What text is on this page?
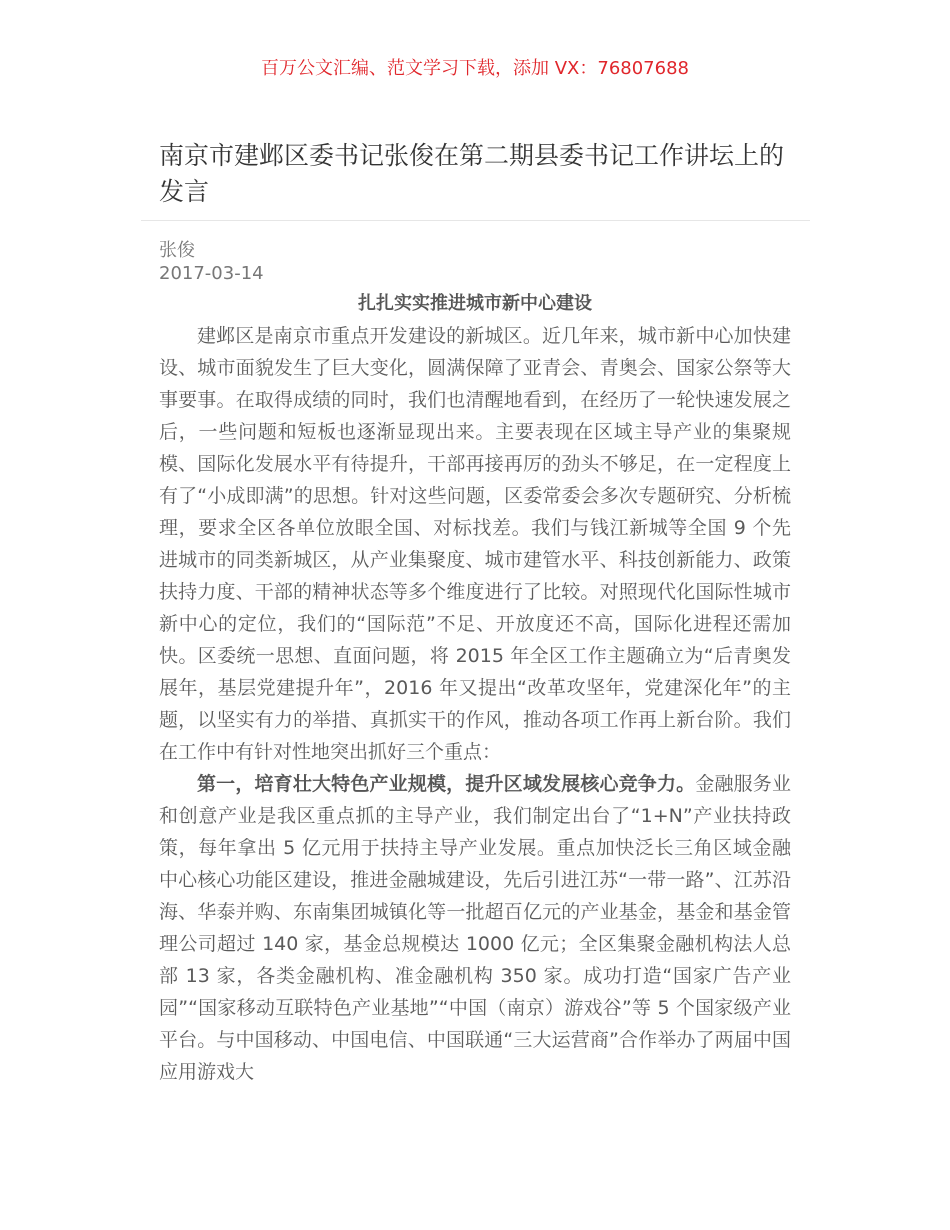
百万公文汇编、范文学习下载，添加 VX：76807688
南京市建邺区委书记张俊在第二期县委书记工作讲坛上的发言
张俊
2017-03-14

扎扎实实推进城市新中心建设

建邺区是南京市重点开发建设的新城区。近几年来，城市新中心加快建设、城市面貌发生了巨大变化，圆满保障了亚青会、青奥会、国家公祭等大事要事。在取得成绩的同时，我们也清醒地看到，在经历了一轮快速发展之后，一些问题和短板也逐渐显现出来。主要表现在区域主导产业的集聚规模、国际化发展水平有待提升，干部再接再厉的劲头不够足，在一定程度上有了“小成即满”的思想。针对这些问题，区委常委会多次专题研究、分析梳理，要求全区各单位放眼全国、对标找差。我们与钱江新城等全国 9 个先进城市的同类新城区，从产业集聚度、城市建管水平、科技创新能力、政策扶持力度、干部的精神状态等多个维度进行了比较。对照现代化国际性城市新中心的定位，我们的“国际范”不足、开放度还不高，国际化进程还需加快。区委统一思想、直面问题，将 2015 年全区工作主题确立为“后青奥发展年，基层党建提升年”，2016 年又提出“改革攻坚年，党建深化年”的主题，以坚实有力的举措、真抓实干的作风，推动各项工作再上新台阶。我们在工作中有针对性地突出抓好三个重点：

第一，培育壮大特色产业规模，提升区域发展核心竞争力。金融服务业和创意产业是我区重点抓的主导产业，我们制定出台了“1+N”产业扶持政策，每年拿出 5 亿元用于扶持主导产业发展。重点加快泛长三角区域金融中心核心功能区建设，推进金融城建设，先后引进江苏“一带一路”、江苏沿海、华泰并购、东南集团城镇化等一批超百亿元的产业基金，基金和基金管理公司超过 140 家，基金总规模达 1000 亿元；全区集聚金融机构法人总部 13 家，各类金融机构、准金融机构 350 家。成功打造“国家广告产业园”“国家移动互联特色产业基地”“中国（南京）游戏谷”等 5 个国家级产业平台。与中国移动、中国电信、中国联通“三大运营商”合作举办了两届中国应用游戏大
